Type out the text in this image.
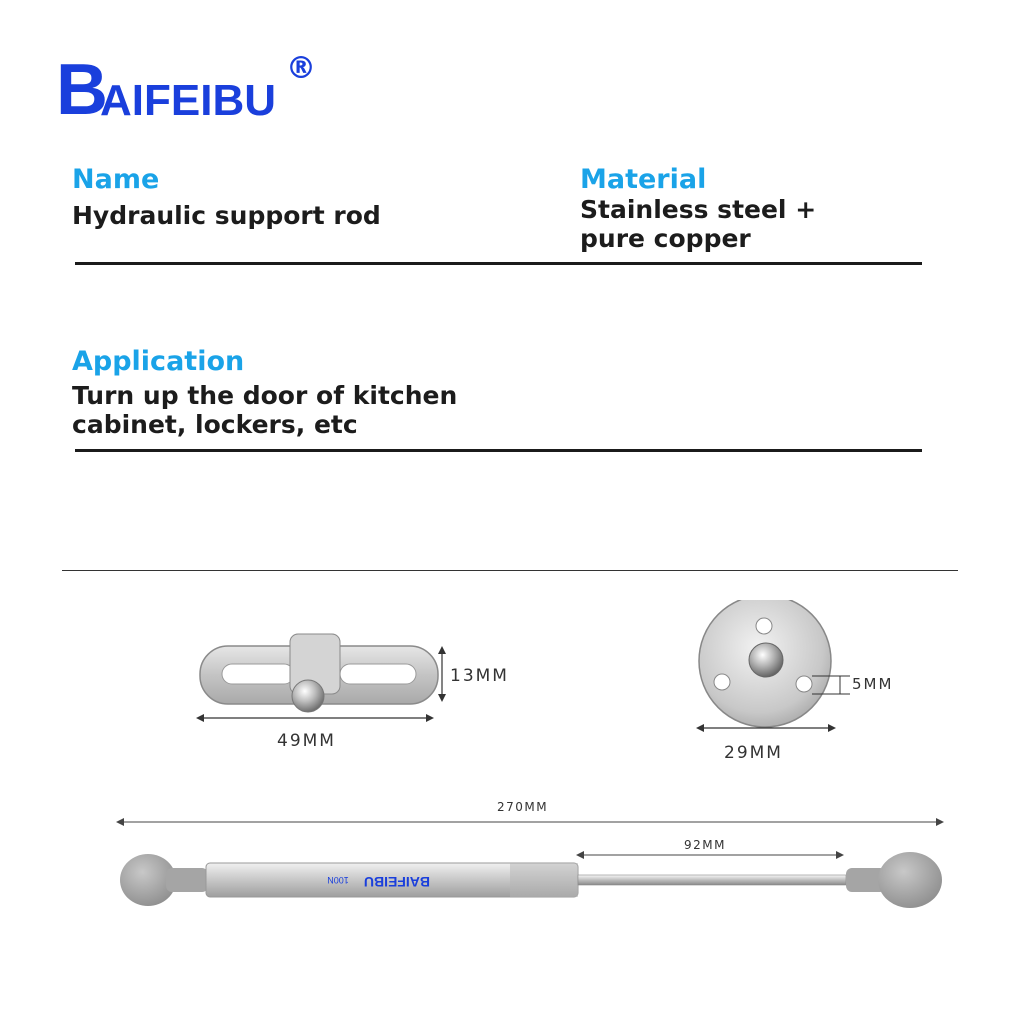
B
AIFEIBU
®
Name
Hydraulic support rod
Material
Stainless steel +
pure copper
Application
Turn up the door of kitchen
cabinet, lockers, etc
13MM
49MM
5MM
29MM
270MM
92MM
BAIFEIBU 100N
